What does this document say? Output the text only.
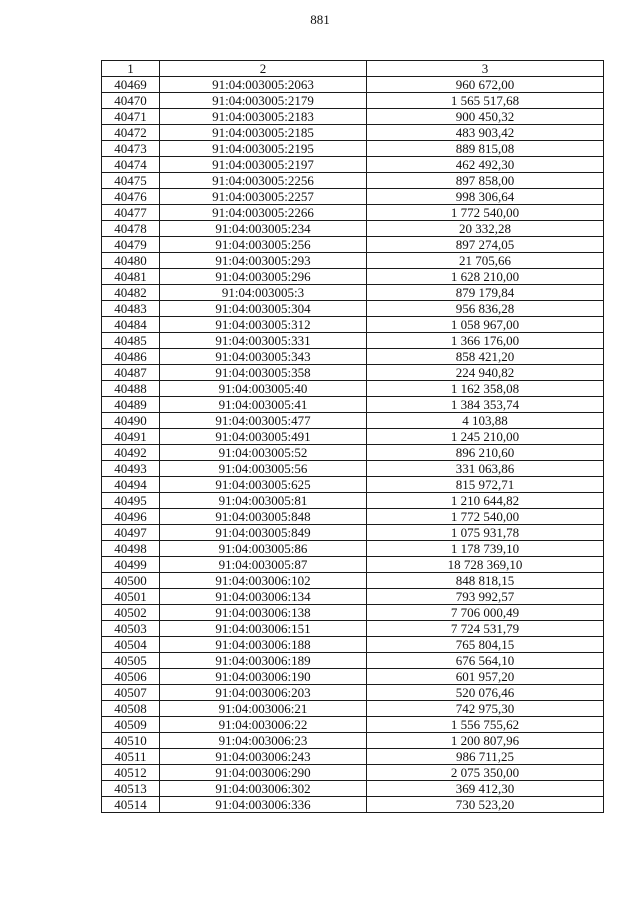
881
1	2	3
40469	91:04:003005:2063	960 672,00
40470	91:04:003005:2179	1 565 517,68
40471	91:04:003005:2183	900 450,32
40472	91:04:003005:2185	483 903,42
40473	91:04:003005:2195	889 815,08
40474	91:04:003005:2197	462 492,30
40475	91:04:003005:2256	897 858,00
40476	91:04:003005:2257	998 306,64
40477	91:04:003005:2266	1 772 540,00
40478	91:04:003005:234	20 332,28
40479	91:04:003005:256	897 274,05
40480	91:04:003005:293	21 705,66
40481	91:04:003005:296	1 628 210,00
40482	91:04:003005:3	879 179,84
40483	91:04:003005:304	956 836,28
40484	91:04:003005:312	1 058 967,00
40485	91:04:003005:331	1 366 176,00
40486	91:04:003005:343	858 421,20
40487	91:04:003005:358	224 940,82
40488	91:04:003005:40	1 162 358,08
40489	91:04:003005:41	1 384 353,74
40490	91:04:003005:477	4 103,88
40491	91:04:003005:491	1 245 210,00
40492	91:04:003005:52	896 210,60
40493	91:04:003005:56	331 063,86
40494	91:04:003005:625	815 972,71
40495	91:04:003005:81	1 210 644,82
40496	91:04:003005:848	1 772 540,00
40497	91:04:003005:849	1 075 931,78
40498	91:04:003005:86	1 178 739,10
40499	91:04:003005:87	18 728 369,10
40500	91:04:003006:102	848 818,15
40501	91:04:003006:134	793 992,57
40502	91:04:003006:138	7 706 000,49
40503	91:04:003006:151	7 724 531,79
40504	91:04:003006:188	765 804,15
40505	91:04:003006:189	676 564,10
40506	91:04:003006:190	601 957,20
40507	91:04:003006:203	520 076,46
40508	91:04:003006:21	742 975,30
40509	91:04:003006:22	1 556 755,62
40510	91:04:003006:23	1 200 807,96
40511	91:04:003006:243	986 711,25
40512	91:04:003006:290	2 075 350,00
40513	91:04:003006:302	369 412,30
40514	91:04:003006:336	730 523,20
